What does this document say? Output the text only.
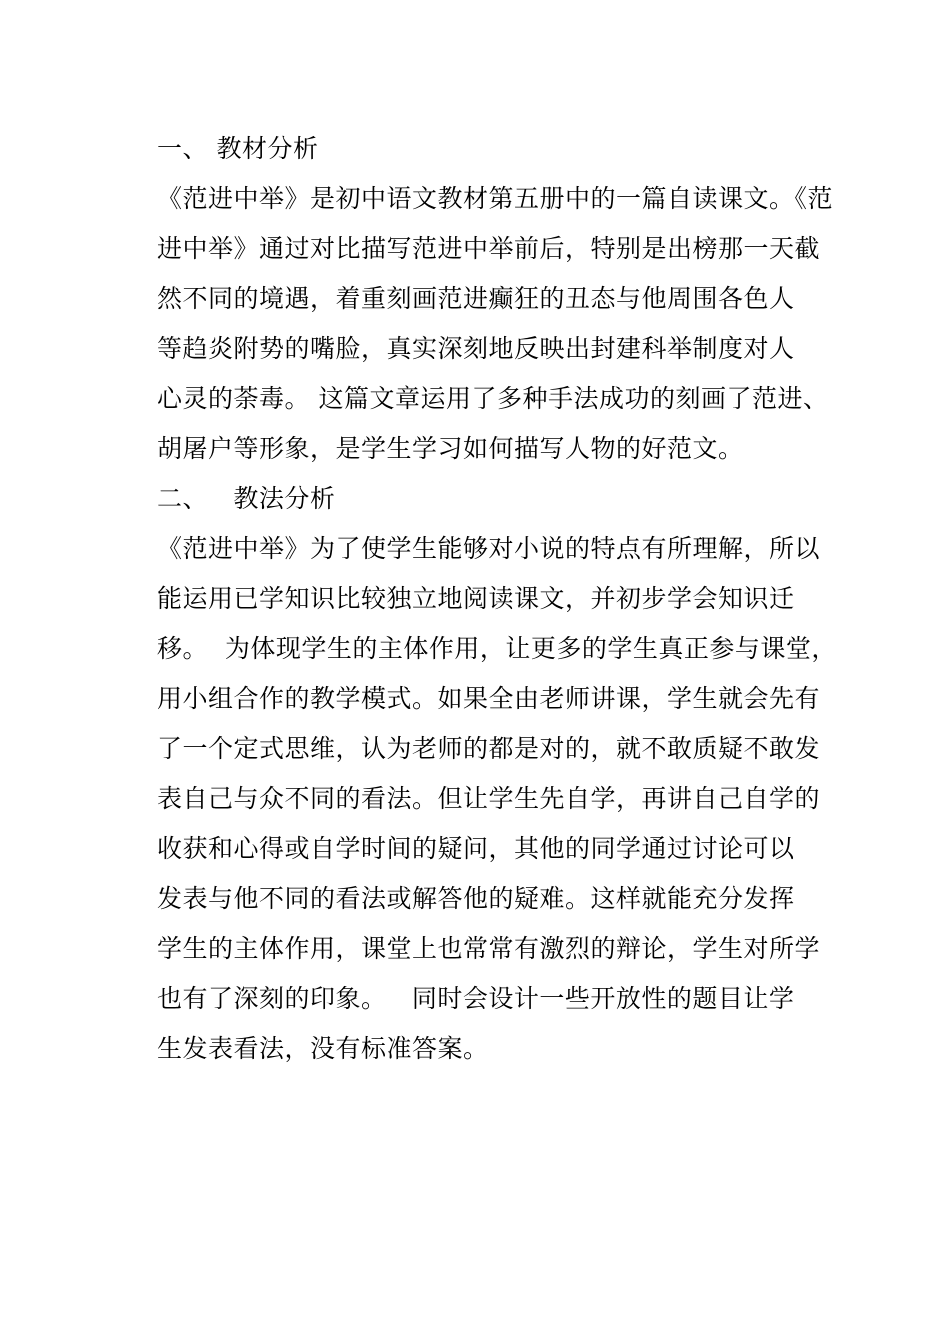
一、 教材分析
《范进中举》是初中语文教材第五册中的一篇自读课文。《范
进中举》通过对比描写范进中举前后，特别是出榜那一天截
然不同的境遇，着重刻画范进癫狂的丑态与他周围各色人
等趋炎附势的嘴脸，真实深刻地反映出封建科举制度对人
心灵的荼毒。 这篇文章运用了多种手法成功的刻画了范进、
胡屠户等形象，是学生学习如何描写人物的好范文。
二、   教法分析
《范进中举》为了使学生能够对小说的特点有所理解，所以
能运用已学知识比较独立地阅读课文，并初步学会知识迁
移。  为体现学生的主体作用，让更多的学生真正参与课堂，
用小组合作的教学模式。如果全由老师讲课，学生就会先有
了一个定式思维，认为老师的都是对的，就不敢质疑不敢发
表自己与众不同的看法。但让学生先自学，再讲自己自学的
收获和心得或自学时间的疑问，其他的同学通过讨论可以
发表与他不同的看法或解答他的疑难。这样就能充分发挥
学生的主体作用，课堂上也常常有激烈的辩论，学生对所学
也有了深刻的印象。   同时会设计一些开放性的题目让学
生发表看法，没有标准答案。
